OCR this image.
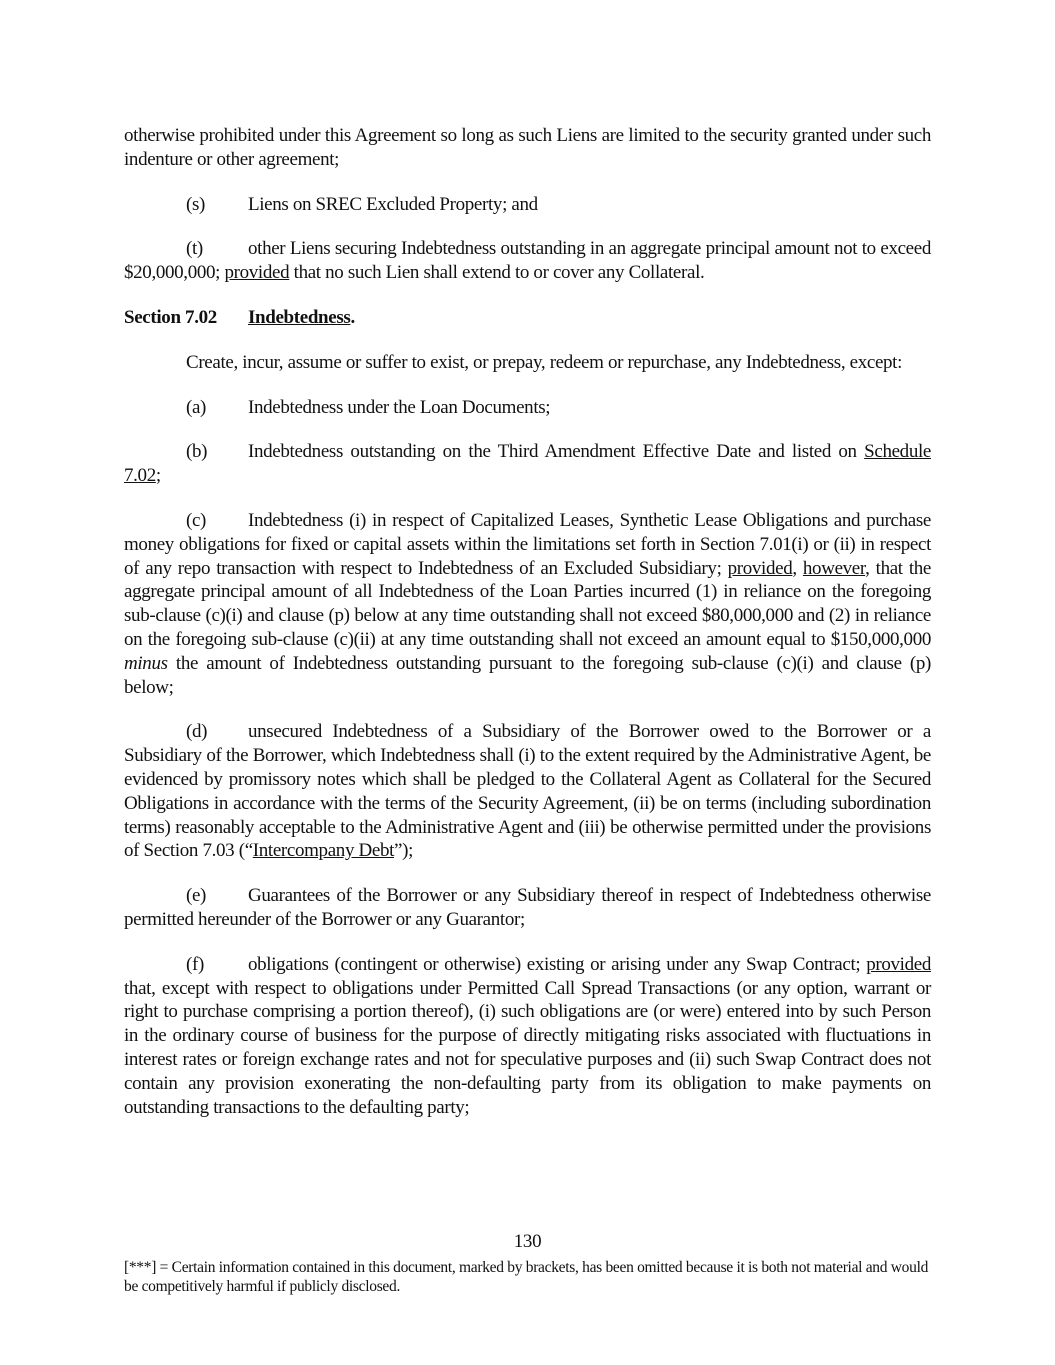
otherwise prohibited under this Agreement so long as such Liens are limited to the security granted under such indenture or other agreement;

(s) Liens on SREC Excluded Property; and

(t) other Liens securing Indebtedness outstanding in an aggregate principal amount not to exceed $20,000,000; provided that no such Lien shall extend to or cover any Collateral.

Section 7.02 Indebtedness.

Create, incur, assume or suffer to exist, or prepay, redeem or repurchase, any Indebtedness, except:

(a) Indebtedness under the Loan Documents;

(b) Indebtedness outstanding on the Third Amendment Effective Date and listed on Schedule 7.02;

(c) Indebtedness (i) in respect of Capitalized Leases, Synthetic Lease Obligations and purchase money obligations for fixed or capital assets within the limitations set forth in Section 7.01(i) or (ii) in respect of any repo transaction with respect to Indebtedness of an Excluded Subsidiary; provided, however, that the aggregate principal amount of all Indebtedness of the Loan Parties incurred (1) in reliance on the foregoing sub-clause (c)(i) and clause (p) below at any time outstanding shall not exceed $80,000,000 and (2) in reliance on the foregoing sub-clause (c)(ii) at any time outstanding shall not exceed an amount equal to $150,000,000 minus the amount of Indebtedness outstanding pursuant to the foregoing sub-clause (c)(i) and clause (p) below;

(d) unsecured Indebtedness of a Subsidiary of the Borrower owed to the Borrower or a Subsidiary of the Borrower, which Indebtedness shall (i) to the extent required by the Administrative Agent, be evidenced by promissory notes which shall be pledged to the Collateral Agent as Collateral for the Secured Obligations in accordance with the terms of the Security Agreement, (ii) be on terms (including subordination terms) reasonably acceptable to the Administrative Agent and (iii) be otherwise permitted under the provisions of Section 7.03 (“Intercompany Debt”);

(e) Guarantees of the Borrower or any Subsidiary thereof in respect of Indebtedness otherwise permitted hereunder of the Borrower or any Guarantor;

(f) obligations (contingent or otherwise) existing or arising under any Swap Contract; provided that, except with respect to obligations under Permitted Call Spread Transactions (or any option, warrant or right to purchase comprising a portion thereof), (i) such obligations are (or were) entered into by such Person in the ordinary course of business for the purpose of directly mitigating risks associated with fluctuations in interest rates or foreign exchange rates and not for speculative purposes and (ii) such Swap Contract does not contain any provision exonerating the non-defaulting party from its obligation to make payments on outstanding transactions to the defaulting party;

130

[***] = Certain information contained in this document, marked by brackets, has been omitted because it is both not material and would be competitively harmful if publicly disclosed.
